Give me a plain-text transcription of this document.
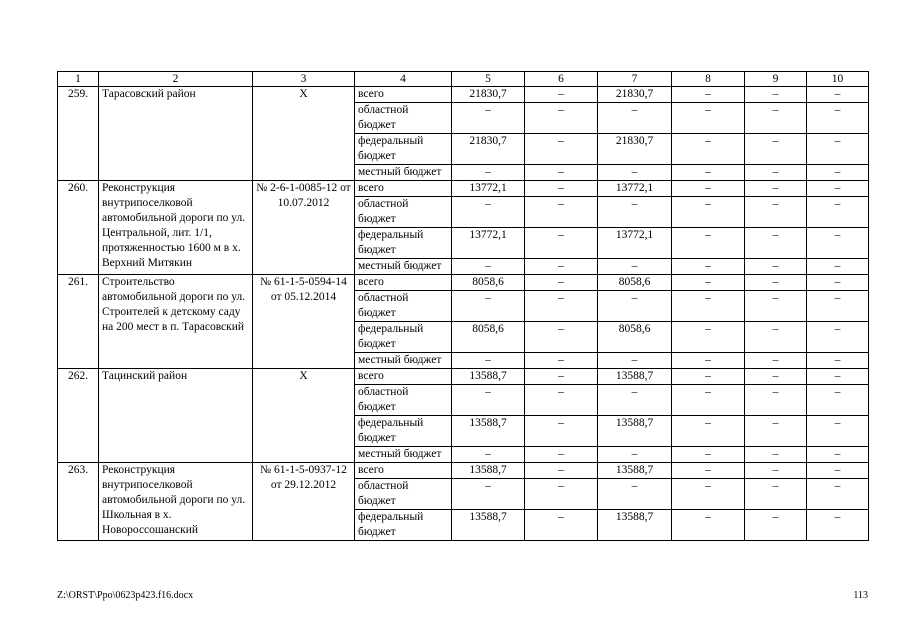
1	2	3	4	5	6	7	8	9	10
259.	Тарасовский район	Х	всего	21830,7	–	21830,7	–	–	–
			областной бюджет	–	–	–	–	–	–
			федеральный бюджет	21830,7	–	21830,7	–	–	–
			местный бюджет	–	–	–	–	–	–
260.	Реконструкция внутрипоселковой автомобильной дороги по ул. Центральной, лит. 1/1, протяженностью 1600 м в х. Верхний Митякин	№ 2-6-1-0085-12 от 10.07.2012	всего	13772,1	–	13772,1	–	–	–
			областной бюджет	–	–	–	–	–	–
			федеральный бюджет	13772,1	–	13772,1	–	–	–
			местный бюджет	–	–	–	–	–	–
261.	Строительство автомобильной дороги по ул. Строителей к детскому саду на 200 мест в п. Тарасовский	№ 61-1-5-0594-14 от 05.12.2014	всего	8058,6	–	8058,6	–	–	–
			областной бюджет	–	–	–	–	–	–
			федеральный бюджет	8058,6	–	8058,6	–	–	–
			местный бюджет	–	–	–	–	–	–
262.	Тацинский район	Х	всего	13588,7	–	13588,7	–	–	–
			областной бюджет	–	–	–	–	–	–
			федеральный бюджет	13588,7	–	13588,7	–	–	–
			местный бюджет	–	–	–	–	–	–
263.	Реконструкция внутрипоселковой автомобильной дороги по ул. Школьная в х. Новороссошанский	№ 61-1-5-0937-12 от 29.12.2012	всего	13588,7	–	13588,7	–	–	–
			областной бюджет	–	–	–	–	–	–
			федеральный бюджет	13588,7	–	13588,7	–	–	–
Z:\ORST\Ppo\0623p423.f16.docx	113
